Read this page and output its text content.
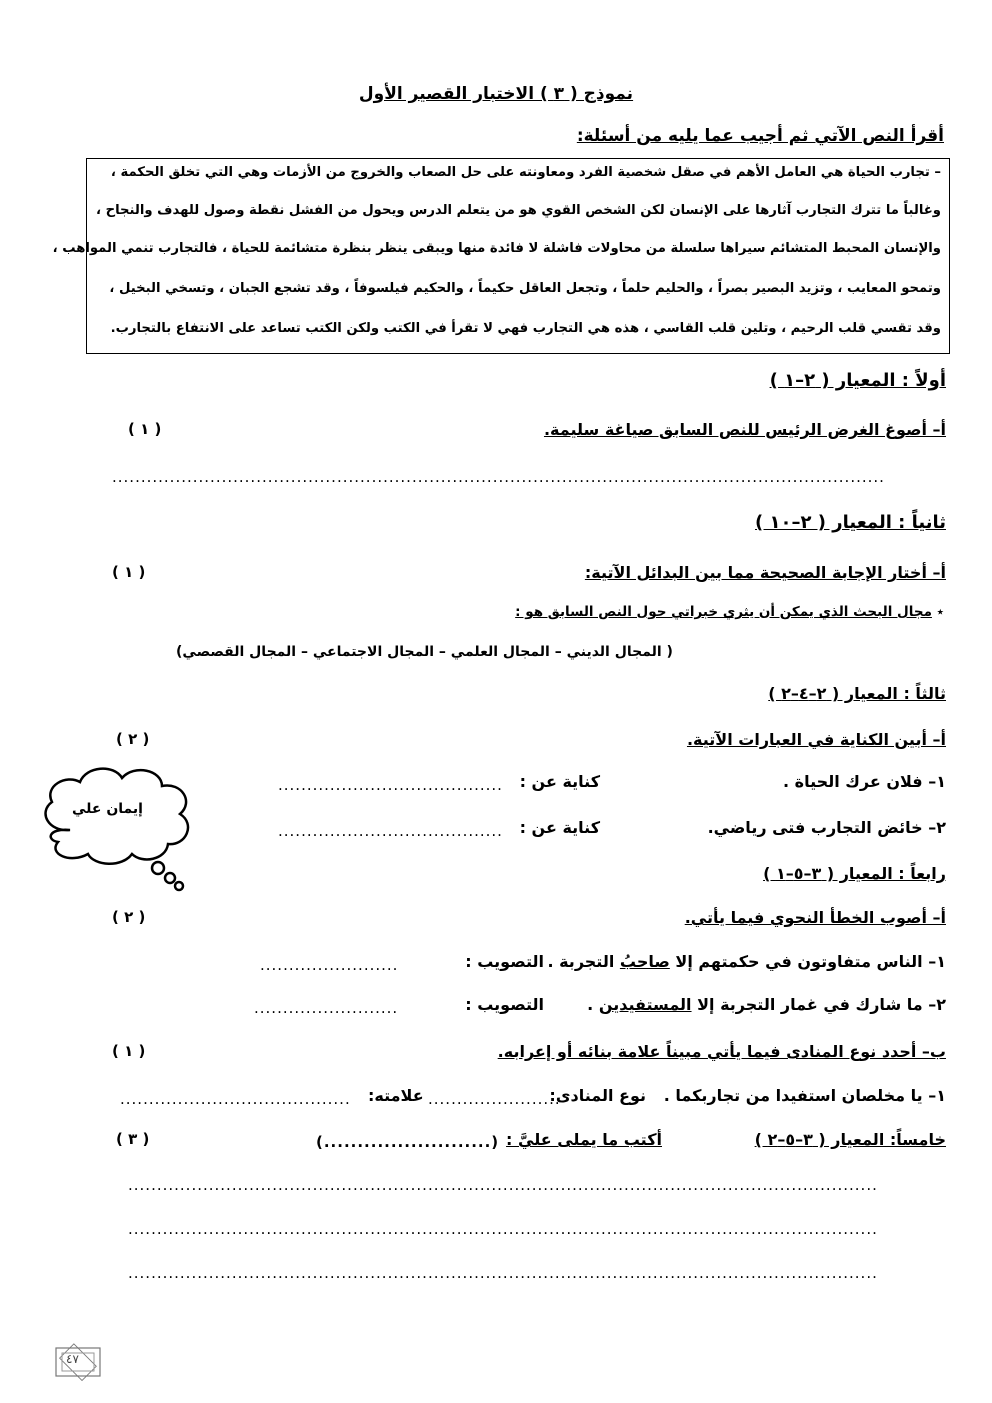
نموذج ( ٣ ) الاختبار القصير الأول
أقرأ النص الآتي ثم أجيب عما يليه من أسئلة:
– تجارب الحياة هي العامل الأهم في صقل شخصية الفرد ومعاونته على حل الصعاب والخروج من الأزمات وهي التي تخلق الحكمة ،
وغالباً ما تترك التجارب آثارها على الإنسان لكن الشخص القوي هو من يتعلم الدرس ويحول من الفشل نقطة وصول للهدف والنجاح ،
والإنسان المحبط المتشائم سيراها سلسلة من محاولات فاشلة لا فائدة منها ويبقى ينظر بنظرة متشائمة للحياة ، فالتجارب تنمي المواهب ،
وتمحو المعايب ، وتزيد البصير بصراً ، والحليم حلماً ، وتجعل العاقل حكيماً ، والحكيم فيلسوفاً ، وقد تشجع الجبان ، وتسخي البخيل ،
وقد تقسي قلب الرحيم ، وتلين قلب القاسي ، هذه هي التجارب فهي لا تقرأ في الكتب ولكن الكتب تساعد على الانتفاع بالتجارب.
أولاً : المعيار ( ٢–١ )
أ– أصوغ الغرض الرئيس للنص السابق صياغة سليمة.
( ١ )
......................................................................................................................................
ثانياً : المعيار ( ٢–١٠ )
أ– أختار الإجابة الصحيحة مما بين البدائل الآتية:
( ١ )
٭ مجال البحث الذي يمكن أن يثري خبراتي حول النص السابق هو :
( المجال الديني – المجال العلمي – المجال الاجتماعي – المجال القصصي)
ثالثاً : المعيار ( ٢–٤–٢ )
أ– أبين الكناية في العبارات الآتية.
( ٢ )
١– فلان عرك الحياة .
كناية عن :
.......................................
٢– خائض التجارب فتى رياضي.
كناية عن :
.......................................
إيمان علي
رابعاً : المعيار ( ٣–٥–١ )
أ– أصوب الخطأ النحوي فيما يأتي.
( ٢ )
١– الناس متفاوتون في حكمتهم إلا صاحبُ التجربة .
التصويب :
........................
٢– ما شارك في غمار التجربة إلا المستفيدين .
التصويب :
.........................
ب– أحدد نوع المنادى فيما يأتي مبيناً علامة بنائه أو إعرابه.
( ١ )
١– يا مخلصان استفيدا من تجاربكما .
نوع المنادى:
.......................
علامته:
........................................
خامساً: المعيار ( ٣–٥–٢ )
أكتب ما يملى عليَّ :
(.........................)
( ٣ )
..................................................................................................................................
..................................................................................................................................
..................................................................................................................................
٤٧
